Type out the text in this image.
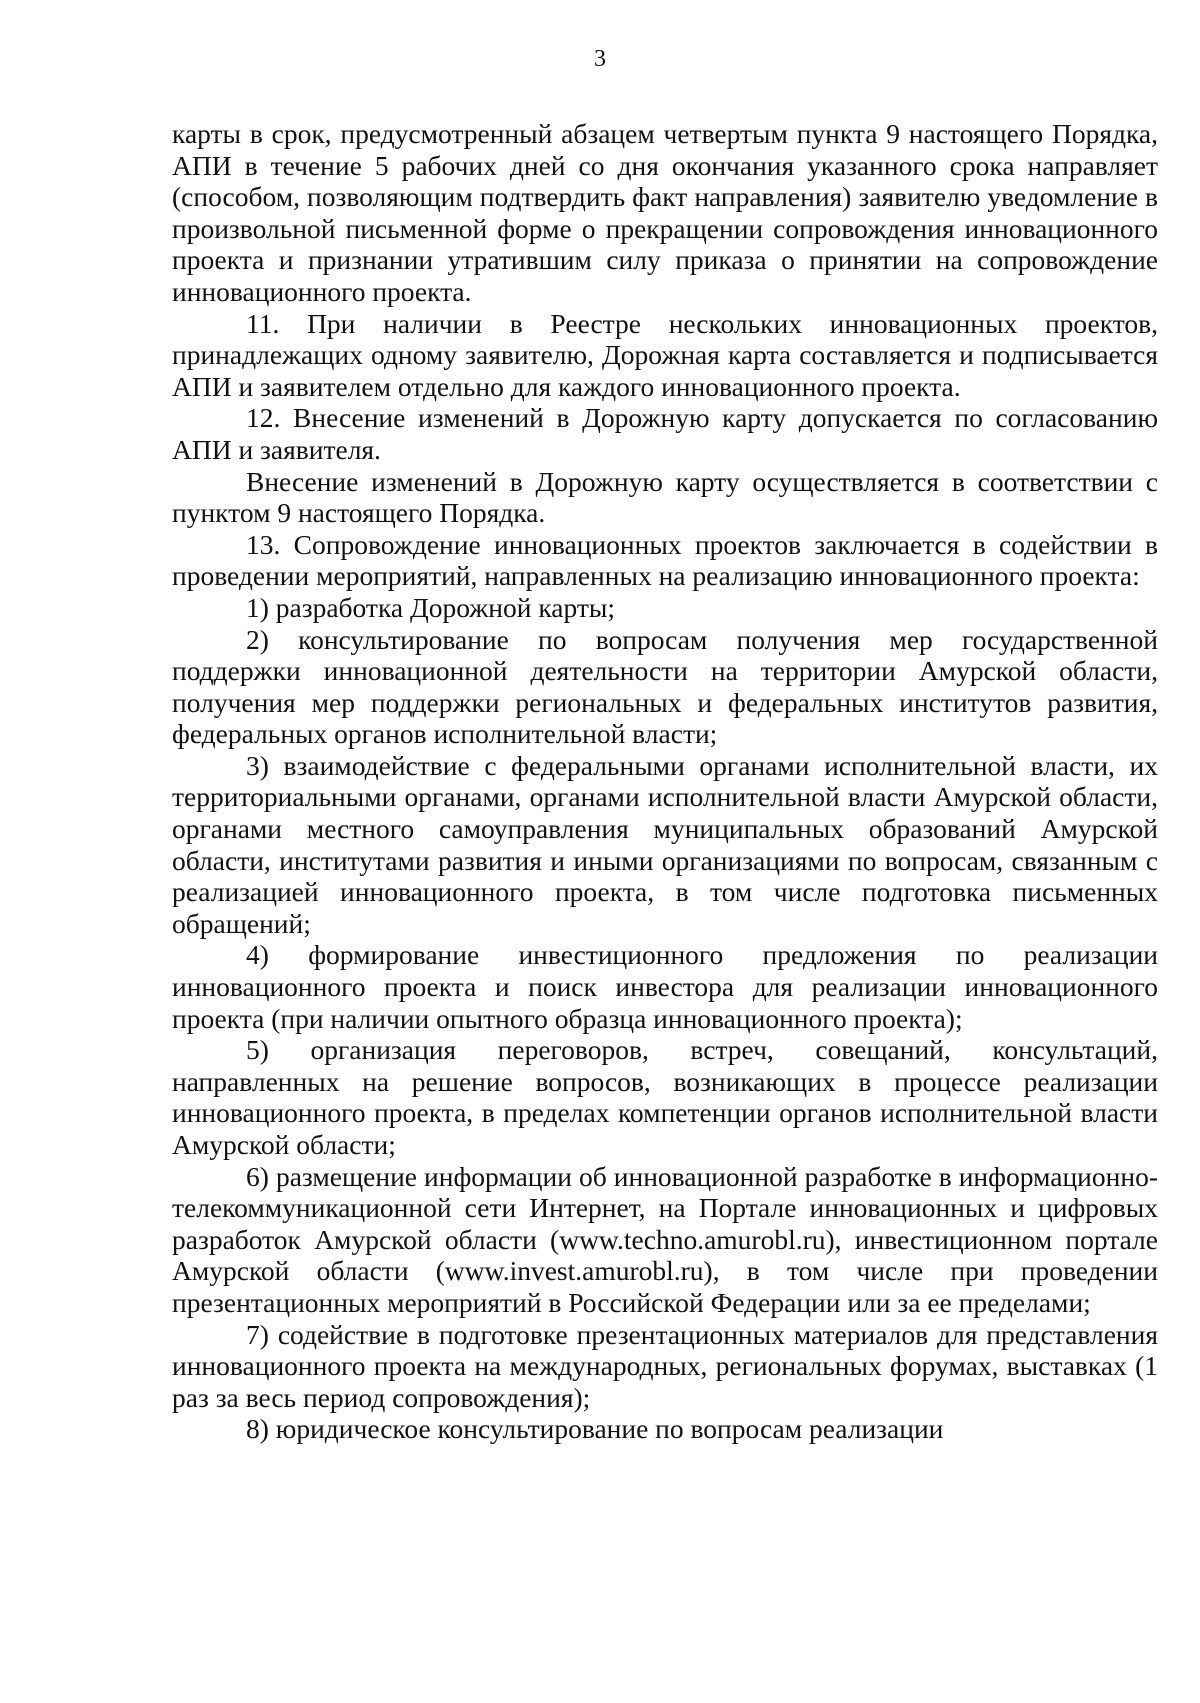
3

карты в срок, предусмотренный абзацем четвертым пункта 9 настоящего Порядка, АПИ в течение 5 рабочих дней со дня окончания указанного срока направляет (способом, позволяющим подтвердить факт направления) заявителю уведомление в произвольной письменной форме о прекращении сопровождения инновационного проекта и признании утратившим силу приказа о принятии на сопровождение инновационного проекта.

11. При наличии в Реестре нескольких инновационных проектов, принадлежащих одному заявителю, Дорожная карта составляется и подписывается АПИ и заявителем отдельно для каждого инновационного проекта.

12. Внесение изменений в Дорожную карту допускается по согласованию АПИ и заявителя.

Внесение изменений в Дорожную карту осуществляется в соответствии с пунктом 9 настоящего Порядка.

13. Сопровождение инновационных проектов заключается в содействии в проведении мероприятий, направленных на реализацию инновационного проекта:

1) разработка Дорожной карты;

2) консультирование по вопросам получения мер государственной поддержки инновационной деятельности на территории Амурской области, получения мер поддержки региональных и федеральных институтов развития, федеральных органов исполнительной власти;

3) взаимодействие с федеральными органами исполнительной власти, их территориальными органами, органами исполнительной власти Амурской области, органами местного самоуправления муниципальных образований Амурской области, институтами развития и иными организациями по вопросам, связанным с реализацией инновационного проекта, в том числе подготовка письменных обращений;

4) формирование инвестиционного предложения по реализации инновационного проекта и поиск инвестора для реализации инновационного проекта (при наличии опытного образца инновационного проекта);

5) организация переговоров, встреч, совещаний, консультаций, направленных на решение вопросов, возникающих в процессе реализации инновационного проекта, в пределах компетенции органов исполнительной власти Амурской области;

6) размещение информации об инновационной разработке в информационно-телекоммуникационной сети Интернет, на Портале инновационных и цифровых разработок Амурской области (www.techno.amurobl.ru), инвестиционном портале Амурской области (www.invest.amurobl.ru), в том числе при проведении презентационных мероприятий в Российской Федерации или за ее пределами;

7) содействие в подготовке презентационных материалов для представления инновационного проекта на международных, региональных форумах, выставках (1 раз за весь период сопровождения);

8) юридическое консультирование по вопросам реализации
